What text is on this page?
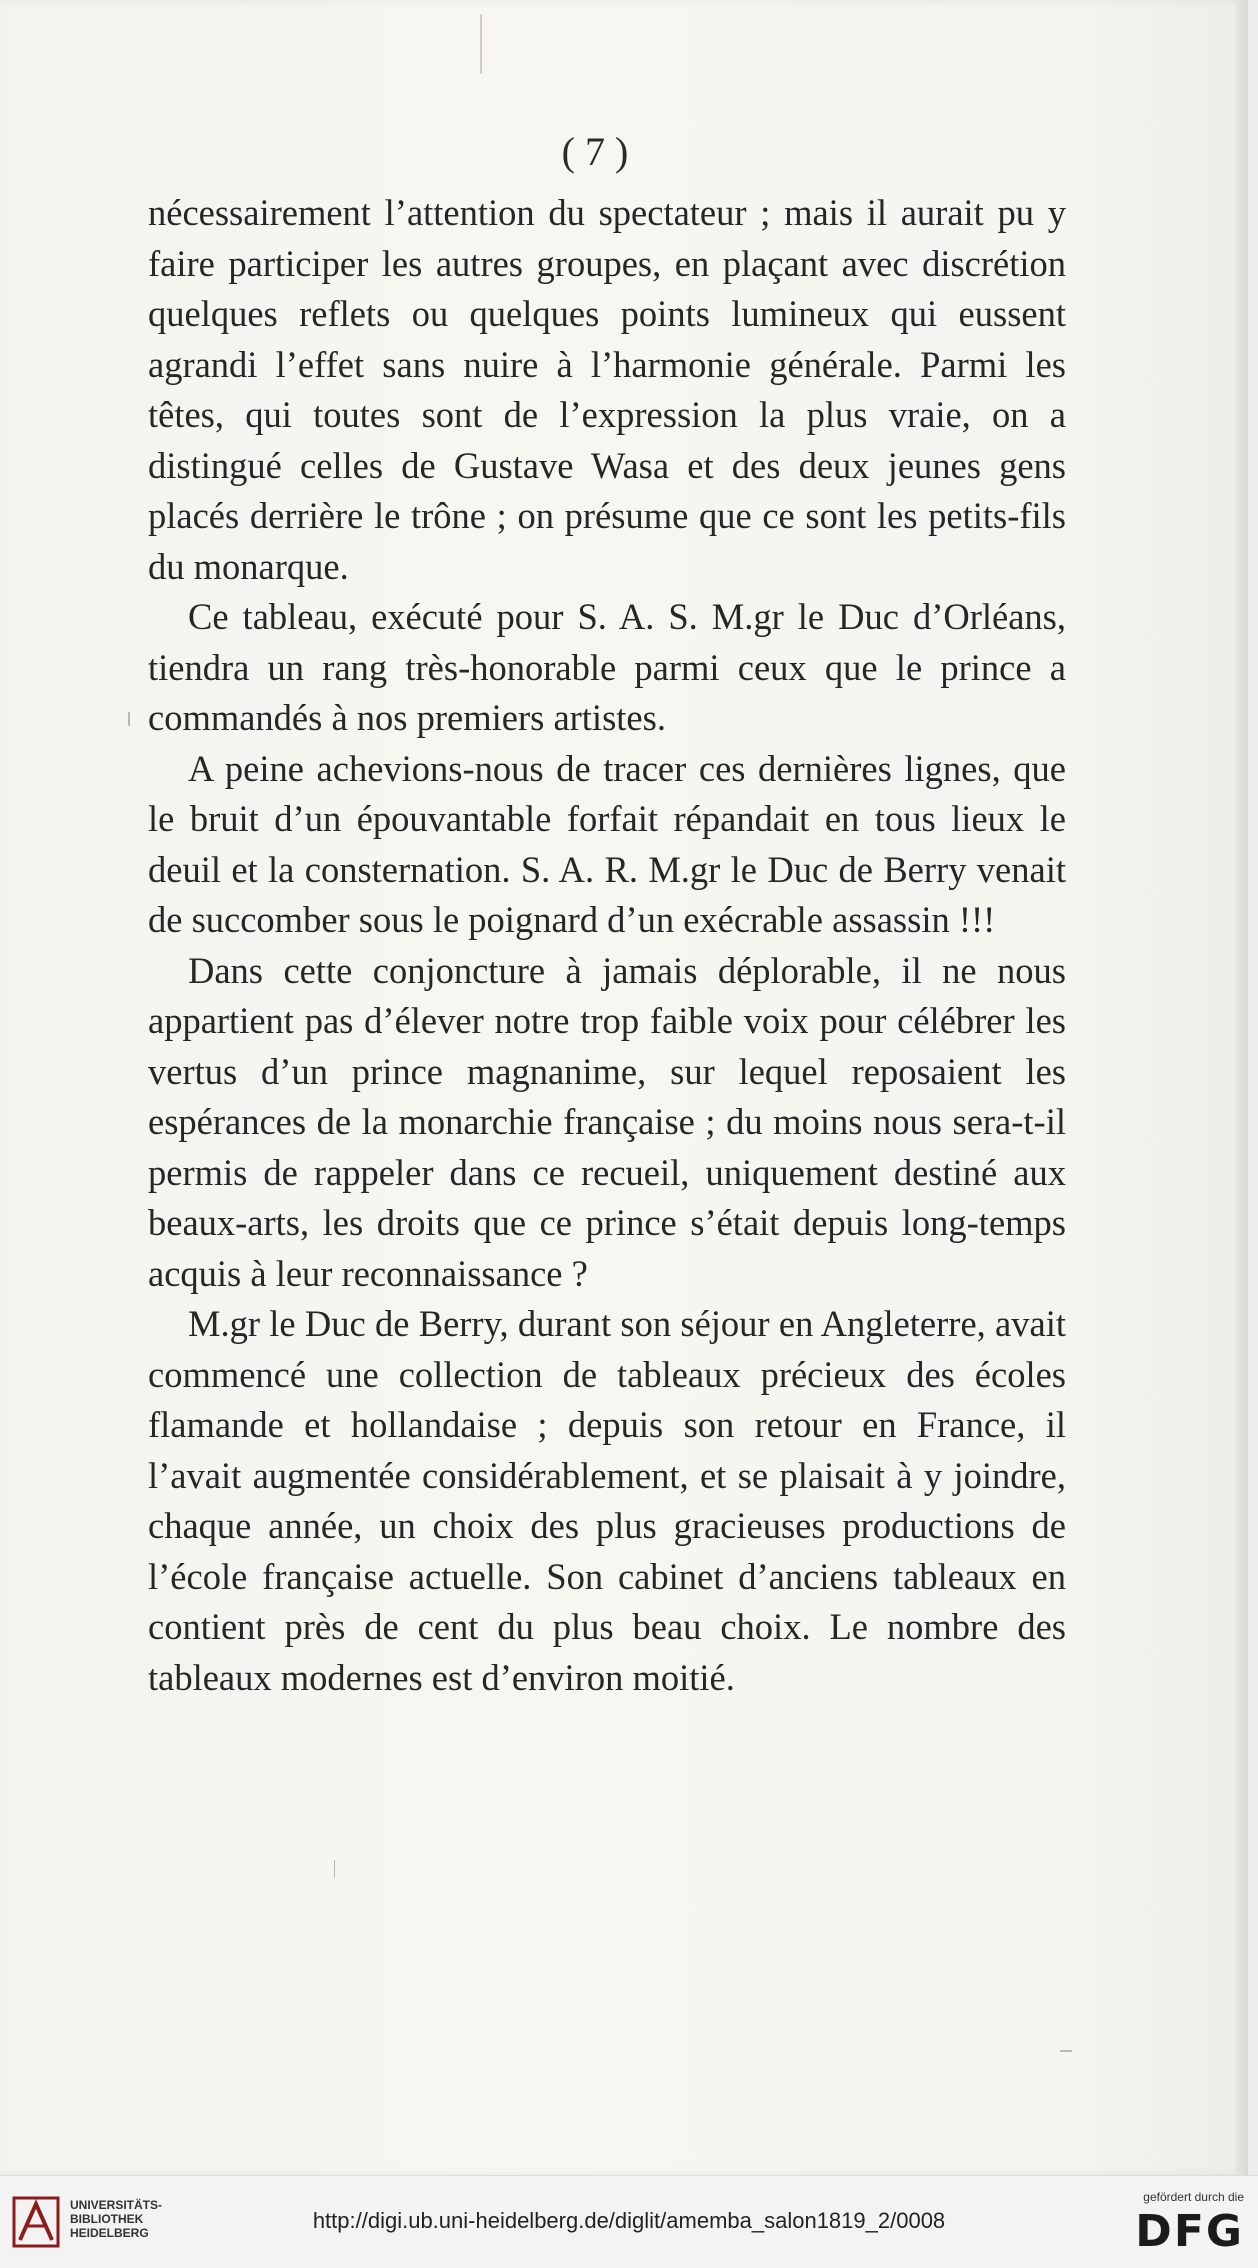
( 7 )

nécessairement l’attention du spectateur ; mais il aurait pu y faire participer les autres groupes, en plaçant avec discrétion quelques reflets ou quelques points lumineux qui eussent agrandi l’effet sans nuire à l’harmonie générale. Parmi les têtes, qui toutes sont de l’expression la plus vraie, on a distingué celles de Gustave Wasa et des deux jeunes gens placés derrière le trône ; on présume que ce sont les petits-fils du monarque.

Ce tableau, exécuté pour S. A. S. M.gr le Duc d’Orléans, tiendra un rang très-honorable parmi ceux que le prince a commandés à nos premiers artistes.

A peine achevions-nous de tracer ces dernières lignes, que le bruit d’un épouvantable forfait répandait en tous lieux le deuil et la consternation. S. A. R. M.gr le Duc de Berry venait de succomber sous le poignard d’un exécrable assassin !!!

Dans cette conjoncture à jamais déplorable, il ne nous appartient pas d’élever notre trop faible voix pour célébrer les vertus d’un prince magnanime, sur lequel reposaient les espérances de la monarchie française ; du moins nous sera-t-il permis de rappeler dans ce recueil, uniquement destiné aux beaux-arts, les droits que ce prince s’était depuis long-temps acquis à leur reconnaissance ?

M.gr le Duc de Berry, durant son séjour en Angleterre, avait commencé une collection de tableaux précieux des écoles flamande et hollandaise ; depuis son retour en France, il l’avait augmentée considérablement, et se plaisait à y joindre, chaque année, un choix des plus gracieuses productions de l’école française actuelle. Son cabinet d’anciens tableaux en contient près de cent du plus beau choix. Le nombre des tableaux modernes est d’environ moitié.

UNIVERSITÄTS-
BIBLIOTHEK
HEIDELBERG	http://digi.ub.uni-heidelberg.de/diglit/amemba_salon1819_2/0008
gefördert durch die
DFG
